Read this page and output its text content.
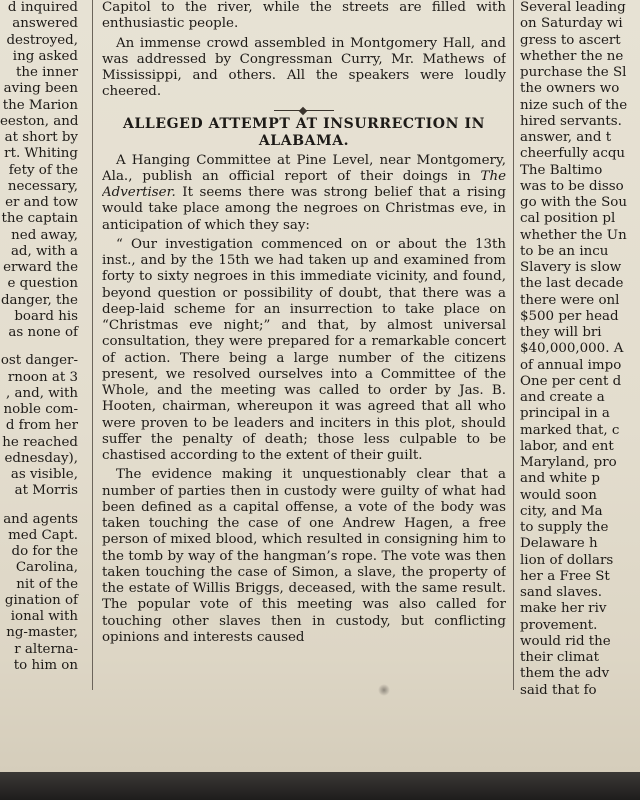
d inquired
answered
destroyed,
ing asked
the inner
aving been
the Marion
eeston, and
at short by
rt. Whiting
fety of the
necessary,
er and tow
the captain
ned away,
ad, with a
erward the
e question
danger, the
board his
as none of
ost danger-
rnoon at 3
, and, with
noble com-
d from her
he reached
ednesday),
as visible,
at Morris
and agents
med Capt.
do for the
Carolina,
nit of the
gination of
ional with
ng-master,
r alterna-
to him on

Capitol to the river, while the streets are filled with enthusiastic people.

An immense crowd assembled in Montgomery Hall, and was addressed by Congressman Curry, Mr. Mathews of Mississippi, and others. All the speakers were loudly cheered.

ALLEGED ATTEMPT AT INSURRECTION IN ALABAMA.

A Hanging Committee at Pine Level, near Montgomery, Ala., publish an official report of their doings in The Advertiser. It seems there was strong belief that a rising would take place among the negroes on Christmas eve, in anticipation of which they say:

“ Our investigation commenced on or about the 13th inst., and by the 15th we had taken up and examined from forty to sixty negroes in this immediate vicinity, and found, beyond question or possibility of doubt, that there was a deep-laid scheme for an insurrection to take place on “Christmas eve night;” and that, by almost universal consultation, they were prepared for a remarkable concert of action. There being a large number of the citizens present, we resolved ourselves into a Committee of the Whole, and the meeting was called to order by Jas. B. Hooten, chairman, whereupon it was agreed that all who were proven to be leaders and inciters in this plot, should suffer the penalty of death; those less culpable to be chastised according to the extent of their guilt.

The evidence making it unquestionably clear that a number of parties then in custody were guilty of what had been defined as a capital offense, a vote of the body was taken touching the case of one Andrew Hagen, a free person of mixed blood, which resulted in consigning him to the tomb by way of the hangman’s rope. The vote was then taken touching the case of Simon, a slave, the property of the estate of Willis Briggs, deceased, with the same result. The popular vote of this meeting was also called for touching other slaves then in custody, but conflicting opinions and interests caused

Several leading
on Saturday wi
gress to ascert
whether the ne
purchase the Sl
the owners wo
nize such of the
hired servants.
answer, and t
cheerfully acqu
The Baltimo
was to be disso
go with the Sou
cal position pl
whether the Un
to be an incu
Slavery is slow
the last decade
there were onl
$500 per head
they will bri
$40,000,000. A
of annual impo
One per cent d
and create a
principal in a
marked that, c
labor, and ent
Maryland, pro
and white p
would soon
city, and Ma
to supply the
Delaware h
lion of dollars
her a Free St
sand slaves.
make her riv
provement.
would rid the
their climat
them the adv
said that fo
